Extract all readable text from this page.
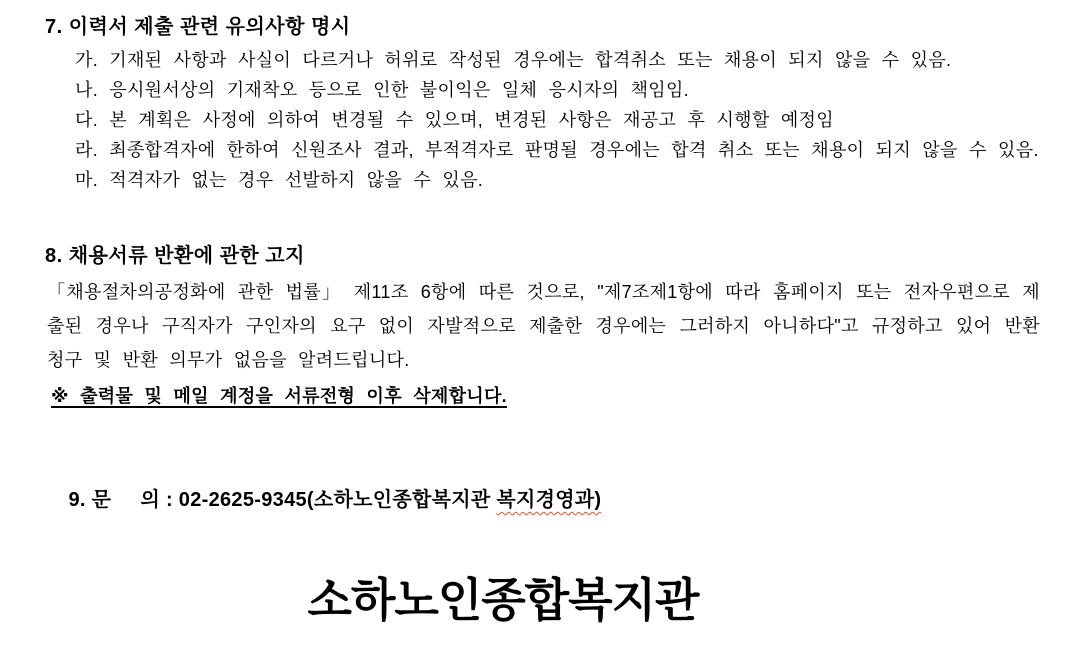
7. 이력서 제출 관련 유의사항 명시

가. 기재된 사항과 사실이 다르거나 허위로 작성된 경우에는 합격취소 또는 채용이 되지 않을 수 있음.

나. 응시원서상의 기재착오 등으로 인한 불이익은 일체 응시자의 책임임.

다. 본 계획은 사정에 의하여 변경될 수 있으며, 변경된 사항은 재공고 후 시행할 예정임

라. 최종합격자에 한하여 신원조사 결과, 부적격자로 판명될 경우에는 합격 취소 또는 채용이 되지 않을 수 있음.

마. 적격자가 없는 경우 선발하지 않을 수 있음.

8. 채용서류 반환에 관한 고지

「채용절차의공정화에 관한 법률」 제11조 6항에 따른 것으로, "제7조제1항에 따라 홈페이지 또는 전자우편으로 제출된 경우나 구직자가 구인자의 요구 없이 자발적으로 제출한 경우에는 그러하지 아니하다"고 규정하고 있어 반환 청구 및 반환 의무가 없음을 알려드립니다.

※ 출력물 및 메일 계정을 서류전형 이후 삭제합니다.

9. 문     의 : 02-2625-9345(소하노인종합복지관 복지경영과)

소하노인종합복지관
